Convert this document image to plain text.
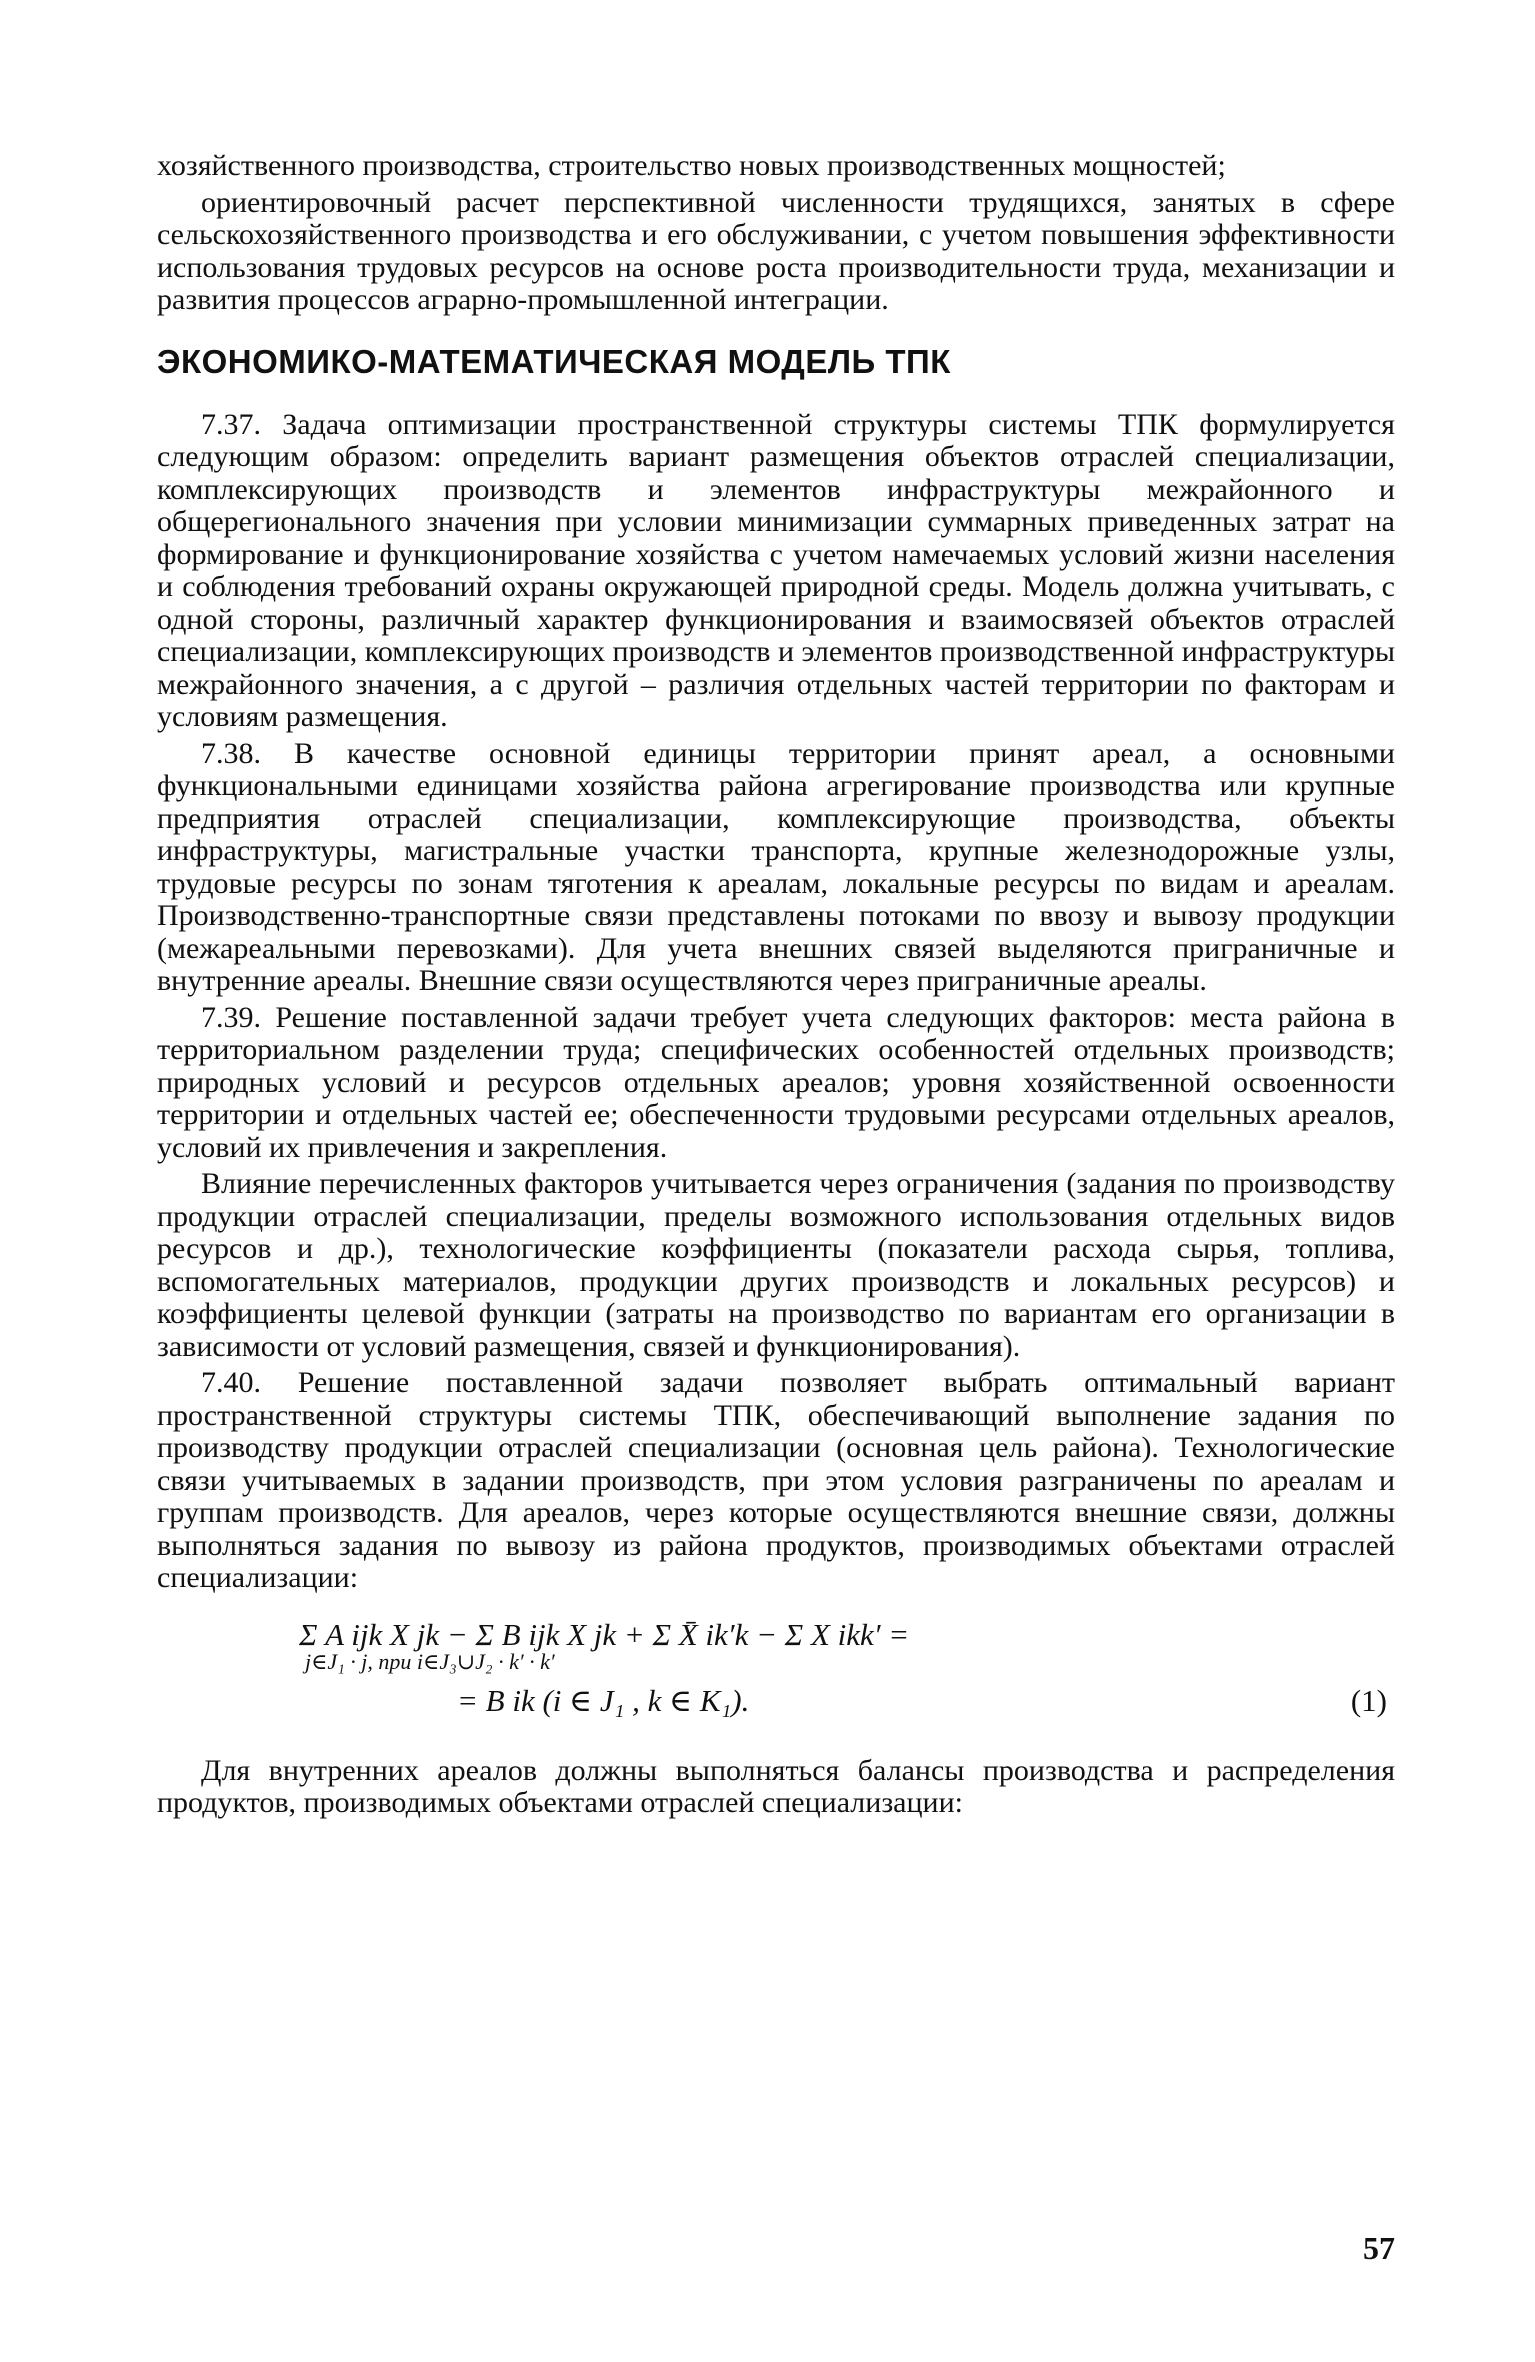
хозяйственного производства, строительство новых производственных мощностей;

ориентировочный расчет перспективной численности трудящихся, занятых в сфере сельскохозяйственного производства и его обслуживании, с учетом повышения эффективности использования трудовых ресурсов на основе роста производительности труда, механизации и развития процессов аграрно-промышленной интеграции.

ЭКОНОМИКО-МАТЕМАТИЧЕСКАЯ МОДЕЛЬ ТПК

7.37. Задача оптимизации пространственной структуры системы ТПК формулируется следующим образом: определить вариант размещения объектов отраслей специализации, комплексирующих производств и элементов инфраструктуры межрайонного и общерегионального значения при условии минимизации суммарных приведенных затрат на формирование и функционирование хозяйства с учетом намечаемых условий жизни населения и соблюдения требований охраны окружающей природной среды. Модель должна учитывать, с одной стороны, различный характер функционирования и взаимосвязей объектов отраслей специализации, комплексирующих производств и элементов производственной инфраструктуры межрайонного значения, а с другой – различия отдельных частей территории по факторам и условиям размещения.

7.38. В качестве основной единицы территории принят ареал, а основными функциональными единицами хозяйства района агрегирование производства или крупные предприятия отраслей специализации, комплексирующие производства, объекты инфраструктуры, магистральные участки транспорта, крупные железнодорожные узлы, трудовые ресурсы по зонам тяготения к ареалам, локальные ресурсы по видам и ареалам. Производственно-транспортные связи представлены потоками по ввозу и вывозу продукции (межареальными перевозками). Для учета внешних связей выделяются приграничные и внутренние ареалы. Внешние связи осуществляются через приграничные ареалы.

7.39. Решение поставленной задачи требует учета следующих факторов: места района в территориальном разделении труда; специфических особенностей отдельных производств; природных условий и ресурсов отдельных ареалов; уровня хозяйственной освоенности территории и отдельных частей ее; обеспеченности трудовыми ресурсами отдельных ареалов, условий их привлечения и закрепления.

Влияние перечисленных факторов учитывается через ограничения (задания по производству продукции отраслей специализации, пределы возможного использования отдельных видов ресурсов и др.), технологические коэффициенты (показатели расхода сырья, топлива, вспомогательных материалов, продукции других производств и локальных ресурсов) и коэффициенты целевой функции (затраты на производство по вариантам его организации в зависимости от условий размещения, связей и функционирования).

7.40. Решение поставленной задачи позволяет выбрать оптимальный вариант пространственной структуры системы ТПК, обеспечивающий выполнение задания по производству продукции отраслей специализации (основная цель района). Технологические связи учитываемых в задании производств, при этом условия разграничены по ареалам и группам производств. Для ареалов, через которые осуществляются внешние связи, должны выполняться задания по вывозу из района продуктов, производимых объектами отраслей специализации:

Σ A ijk X jk − Σ B ijk X jk + Σ X̄ ik′k − Σ X ikk′ =
j∈J₁ · j, при i∈J₃∪J₂ · k′ · k′
= B ik (i ∈ J₁ , k ∈ K₁).	(1)

Для внутренних ареалов должны выполняться балансы производства и распределения продуктов, производимых объектами отраслей специализации:

57
